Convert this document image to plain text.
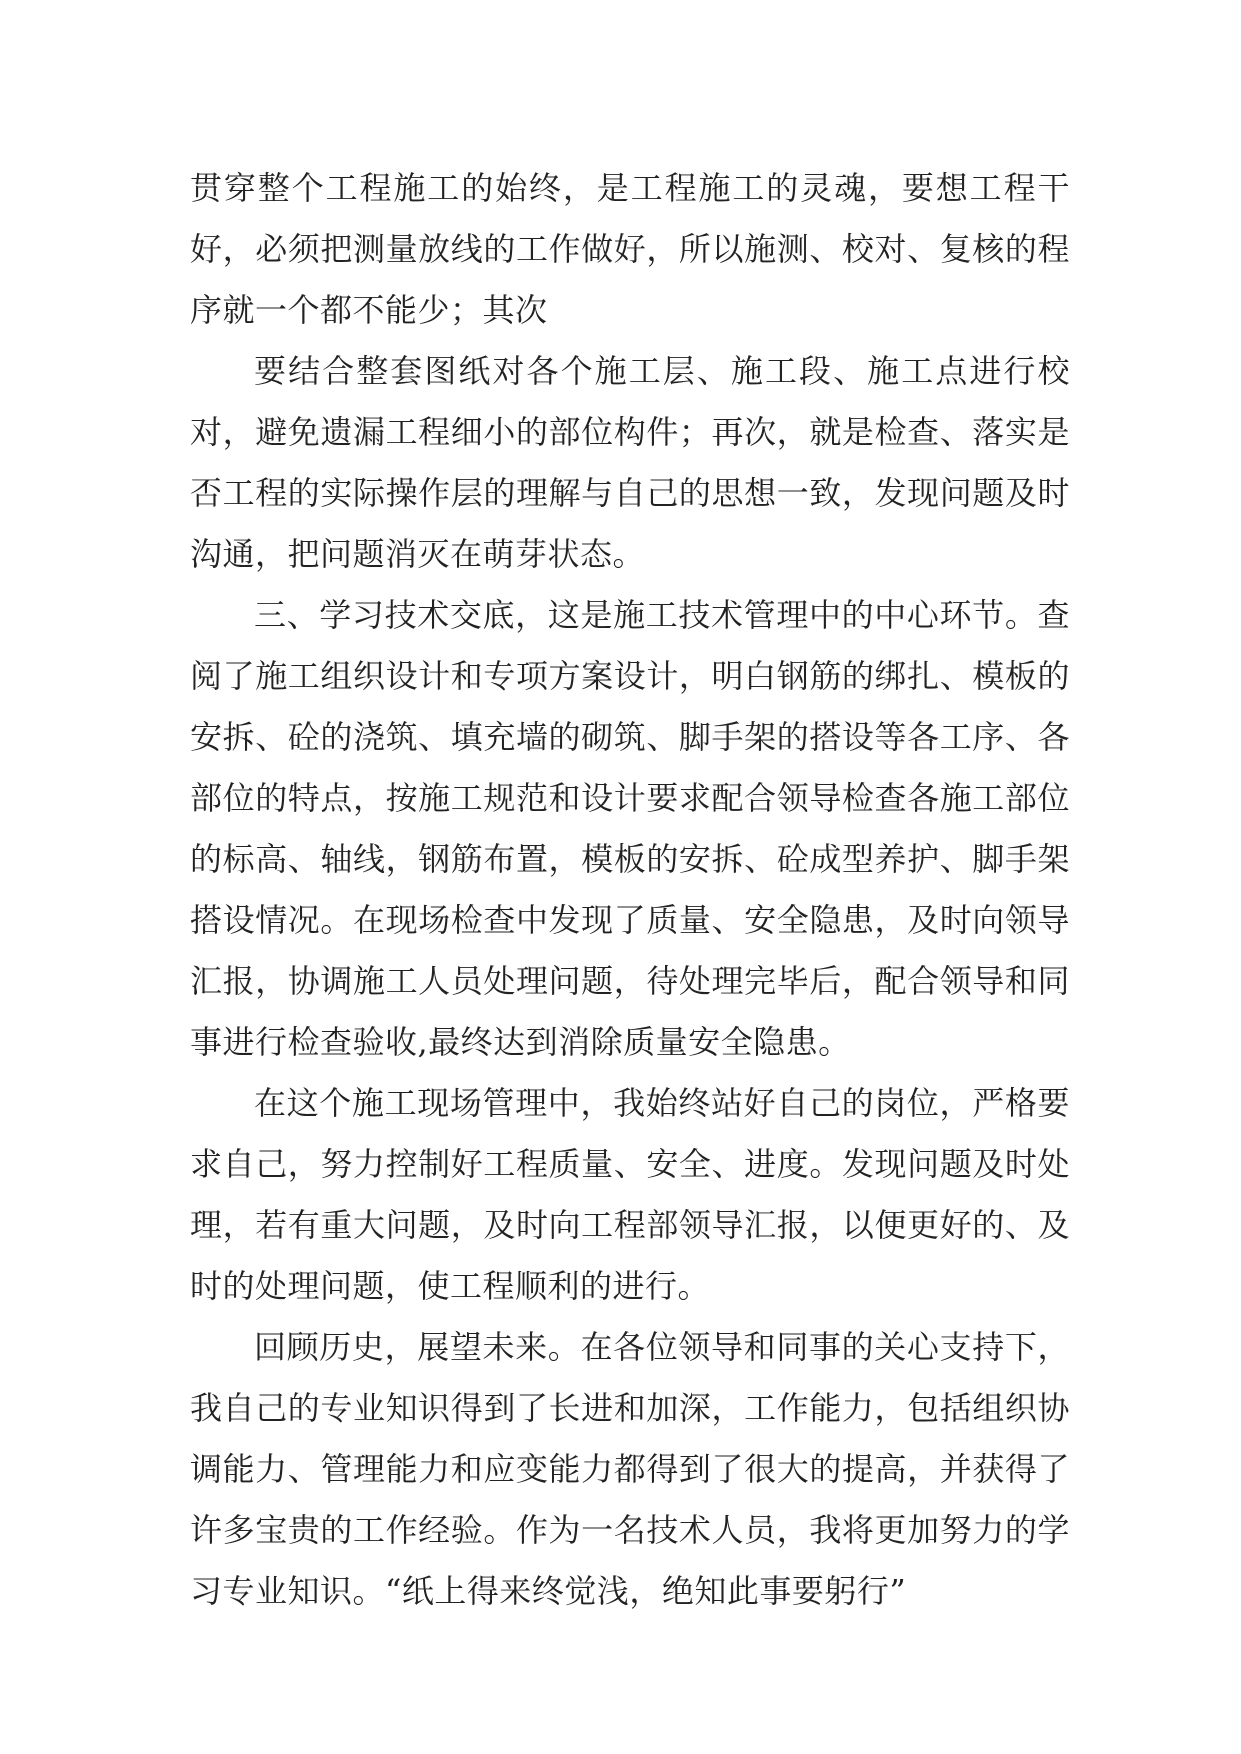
贯穿整个工程施工的始终，是工程施工的灵魂，要想工程干好，必须把测量放线的工作做好，所以施测、校对、复核的程序就一个都不能少；其次

要结合整套图纸对各个施工层、施工段、施工点进行校对，避免遗漏工程细小的部位构件；再次，就是检查、落实是否工程的实际操作层的理解与自己的思想一致，发现问题及时沟通，把问题消灭在萌芽状态。

三、学习技术交底，这是施工技术管理中的中心环节。查阅了施工组织设计和专项方案设计，明白钢筋的绑扎、模板的安拆、砼的浇筑、填充墙的砌筑、脚手架的搭设等各工序、各部位的特点，按施工规范和设计要求配合领导检查各施工部位的标高、轴线，钢筋布置，模板的安拆、砼成型养护、脚手架搭设情况。在现场检查中发现了质量、安全隐患，及时向领导汇报，协调施工人员处理问题，待处理完毕后，配合领导和同事进行检查验收,最终达到消除质量安全隐患。

在这个施工现场管理中，我始终站好自己的岗位，严格要求自己，努力控制好工程质量、安全、进度。发现问题及时处理，若有重大问题，及时向工程部领导汇报，以便更好的、及时的处理问题，使工程顺利的进行。

回顾历史，展望未来。在各位领导和同事的关心支持下，我自己的专业知识得到了长进和加深，工作能力，包括组织协调能力、管理能力和应变能力都得到了很大的提高，并获得了许多宝贵的工作经验。作为一名技术人员，我将更加努力的学习专业知识。“纸上得来终觉浅，绝知此事要躬行”
